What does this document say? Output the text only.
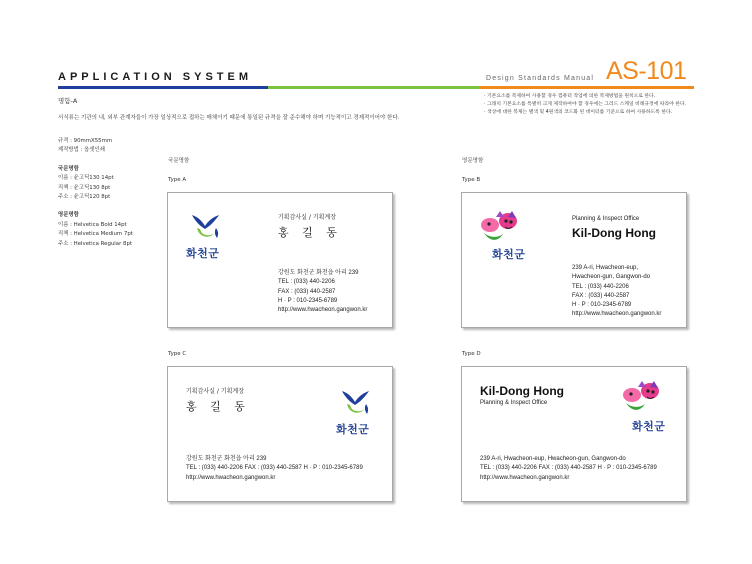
APPLICATION SYSTEM	Design Standards Manual AS-101
명함-A
서식류는 기관의 내, 외부 관계자들이 가장 일상적으로 접하는 매체이기 때문에 통일된 규격을 잘 준수해야 하며 기능적이고 경제적이어야 한다.
· 기본요소를 복제하여 사용할 경우 컴퓨터 작업에 의한 복제방법을 원칙으로 한다.
· 그래픽 기본요소를 특별히 크게 제작하여야 할 경우에는 그리드 스케일 비례규정에 따라야 한다.
· 색상에 대한 복제는 별색 및 4원색의 코드화 된 데이터를 기준으로 하여 사용하도록 한다.
규격 : 90mmX55mm
제작방법 : 옵셋인쇄
국문명함
이름 : 윤고딕130 14pt
직책 : 윤고딕130 8pt
주소 : 윤고딕120 8pt
영문명함
이름 : Helvetica Bold 14pt
직책 : Helvetica Medium 7pt
주소 : Helvetica Regular 8pt
국문명함	영문명함
Type A	Type B
Type C	Type D
화천군
기획감사실 / 기획계장
홍 길 동
강원도 화천군 화천읍 아리 239
TEL : (033) 440-2206
FAX : (033) 440-2587
H · P : 010-2345-6789
http://www.hwacheon.gangwon.kr
화천군
Planning & Inspect Office
Kil-Dong Hong
239 A-ri, Hwacheon-eup,
Hwacheon-gun, Gangwon-do
TEL : (033) 440-2206
FAX : (033) 440-2587
H · P : 010-2345-6789
http://www.hwacheon.gangwon.kr
기획감사실 / 기획계장
홍 길 동
화천군
강원도 화천군 화천읍 아리 239
TEL : (033) 440-2206 FAX : (033) 440-2587 H · P : 010-2345-6789
http://www.hwacheon.gangwon.kr
Kil-Dong Hong
Planning & Inspect Office
화천군
239 A-ri, Hwacheon-eup, Hwacheon-gun, Gangwon-do
TEL : (033) 440-2206 FAX : (033) 440-2587 H · P : 010-2345-6789
http://www.hwacheon.gangwon.kr
